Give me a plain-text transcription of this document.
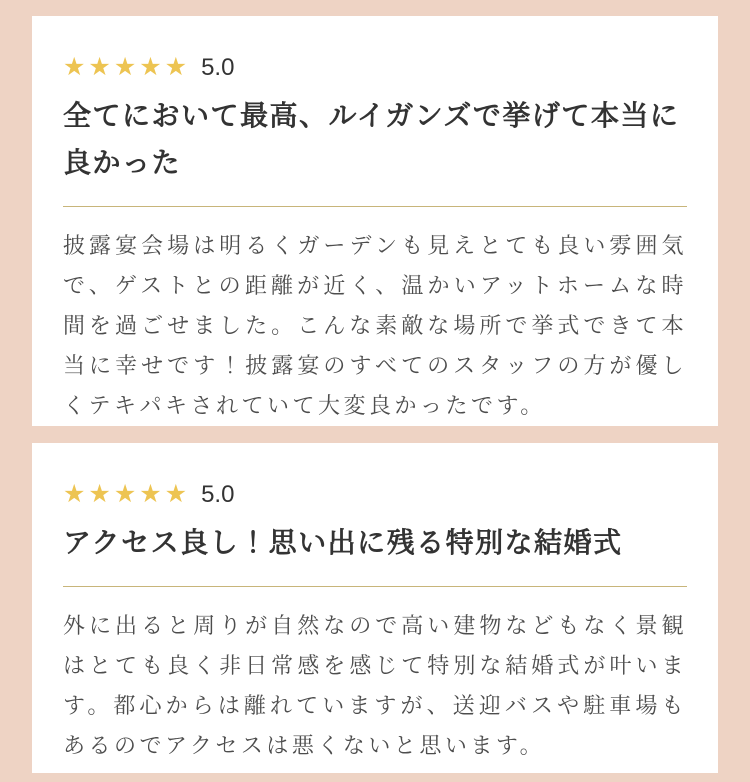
★★★★★ 5.0
全てにおいて最高、ルイガンズで挙げて本当に良かった

披露宴会場は明るくガーデンも見えとても良い雰囲気で、ゲストとの距離が近く、温かいアットホームな時間を過ごせました。こんな素敵な場所で挙式できて本当に幸せです！披露宴のすべてのスタッフの方が優しくテキパキされていて大変良かったです。

★★★★★ 5.0
アクセス良し！思い出に残る特別な結婚式

外に出ると周りが自然なので高い建物などもなく景観はとても良く非日常感を感じて特別な結婚式が叶います。都心からは離れていますが、送迎バスや駐車場もあるのでアクセスは悪くないと思います。
